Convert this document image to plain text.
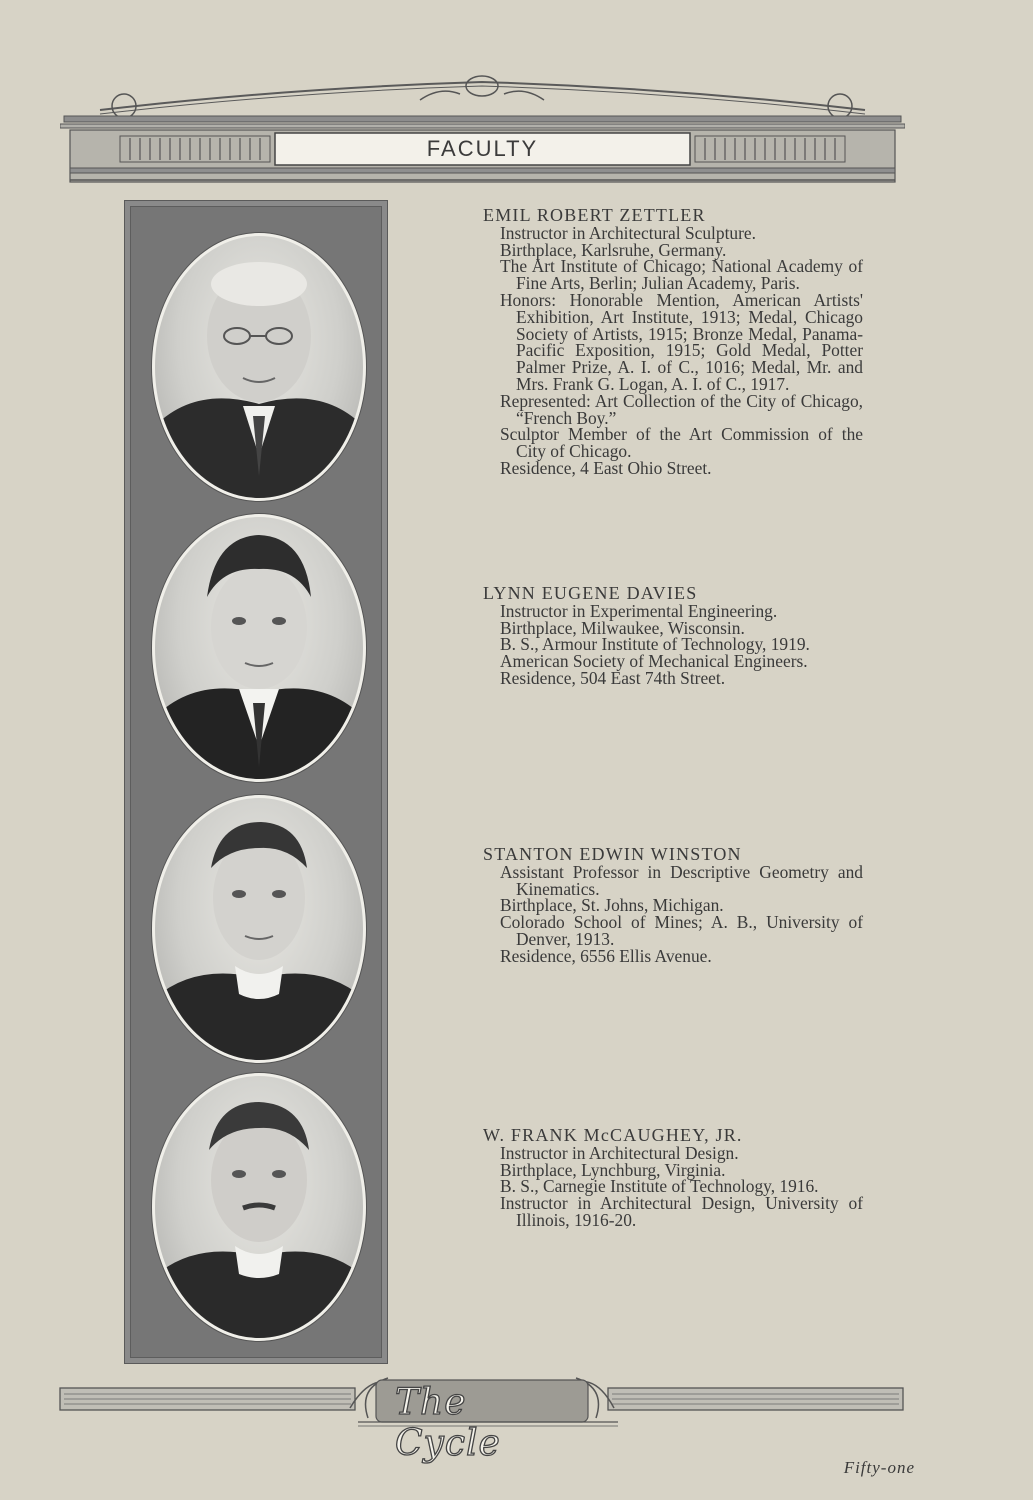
FACULTY
EMIL ROBERT ZETTLER
Instructor in Architectural Sculpture.
Birthplace, Karlsruhe, Germany.
The Art Institute of Chicago; National Academy of Fine Arts, Berlin; Julian Academy, Paris.
Honors: Honorable Mention, American Artists' Exhibition, Art Institute, 1913; Medal, Chicago Society of Artists, 1915; Bronze Medal, Panama-Pacific Exposition, 1915; Gold Medal, Potter Palmer Prize, A. I. of C., 1016; Medal, Mr. and Mrs. Frank G. Logan, A. I. of C., 1917.
Represented: Art Collection of the City of Chicago, “French Boy.”
Sculptor Member of the Art Commission of the City of Chicago.
Residence, 4 East Ohio Street.
LYNN EUGENE DAVIES
Instructor in Experimental Engineering.
Birthplace, Milwaukee, Wisconsin.
B. S., Armour Institute of Technology, 1919.
American Society of Mechanical Engineers.
Residence, 504 East 74th Street.
STANTON EDWIN WINSTON
Assistant Professor in Descriptive Geometry and Kinematics.
Birthplace, St. Johns, Michigan.
Colorado School of Mines; A. B., University of Denver, 1913.
Residence, 6556 Ellis Avenue.
W. FRANK McCAUGHEY, JR.
Instructor in Architectural Design.
Birthplace, Lynchburg, Virginia.
B. S., Carnegie Institute of Technology, 1916.
Instructor in Architectural Design, University of Illinois, 1916-20.
The Cycle
Fifty-one
